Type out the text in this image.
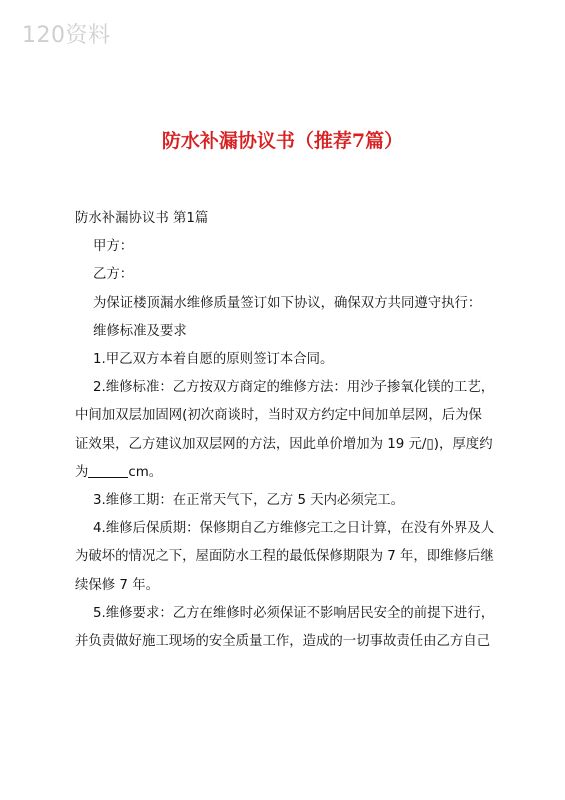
120资料
防水补漏协议书（推荐7篇）

防水补漏协议书 第1篇

甲方：

乙方：

为保证楼顶漏水维修质量签订如下协议，确保双方共同遵守执行：

维修标准及要求

1.甲乙双方本着自愿的原则签订本合同。

2.维修标准：乙方按双方商定的维修方法：用沙子掺氧化镁的工艺，中间加双层加固网(初次商谈时，当时双方约定中间加单层网，后为保证效果，乙方建议加双层网的方法，因此单价增加为 19 元/▯)，厚度约为	cm。

3.维修工期：在正常天气下，乙方 5 天内必须完工。

4.维修后保质期：保修期自乙方维修完工之日计算，在没有外界及人为破坏的情况之下，屋面防水工程的最低保修期限为 7 年，即维修后继续保修 7 年。

5.维修要求：乙方在维修时必须保证不影响居民安全的前提下进行，并负责做好施工现场的安全质量工作，造成的一切事故责任由乙方自己
